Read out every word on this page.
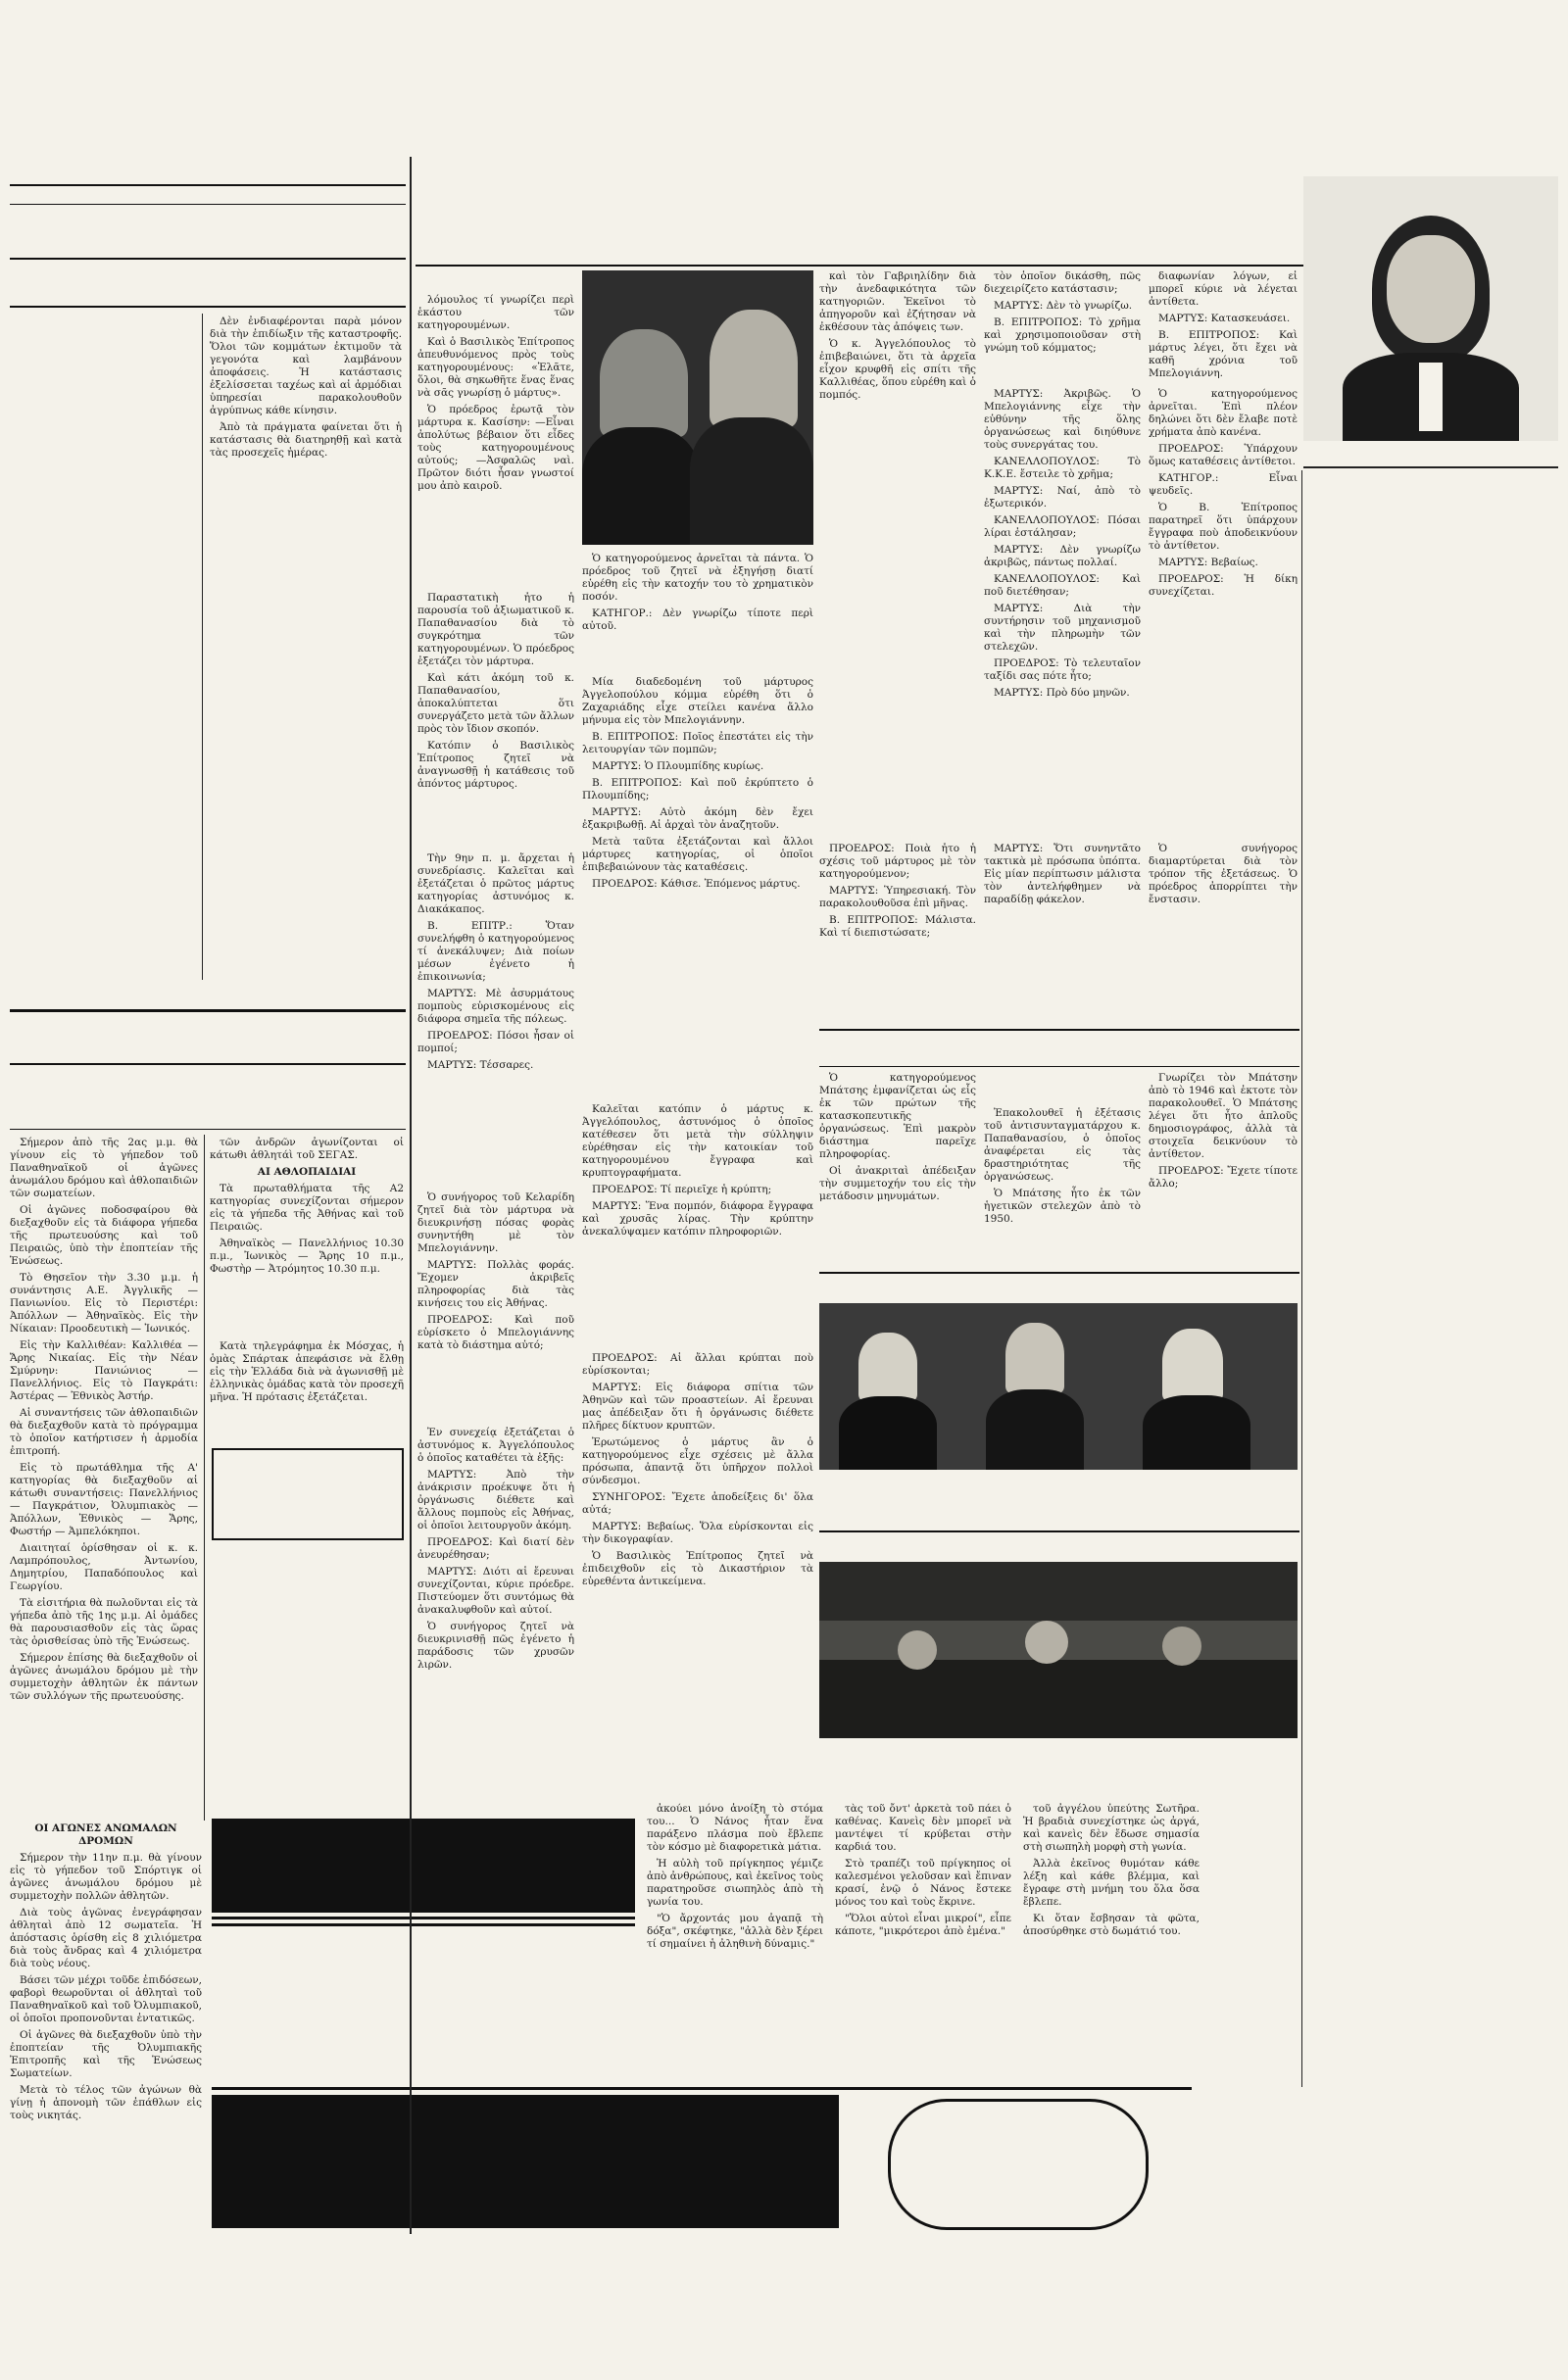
Δὲν ἐνδιαφέρονται παρὰ μόνον διὰ τὴν ἐπιδίωξιν τῆς καταστροφῆς. Ὅλοι τῶν κομμάτων ἐκτιμοῦν τὰ γεγονότα καὶ λαμβάνουν ἀποφάσεις. Ἡ κατάστασις ἐξελίσσεται ταχέως καὶ αἱ ἀρμόδιαι ὑπηρεσίαι παρακολουθοῦν ἀγρύπνως κάθε κίνησιν.

Ἀπὸ τὰ πράγματα φαίνεται ὅτι ἡ κατάστασις θὰ διατηρηθῇ καὶ κατὰ τὰς προσεχεῖς ἡμέρας.

Σήμερον ἀπὸ τῆς 2ας μ.μ. θὰ γίνουν εἰς τὸ γήπεδον τοῦ Παναθηναϊκοῦ οἱ ἀγῶνες ἀνωμάλου δρόμου καὶ ἀθλοπαιδιῶν τῶν σωματείων.

Οἱ ἀγῶνες ποδοσφαίρου θὰ διεξαχθοῦν εἰς τὰ διάφορα γήπεδα τῆς πρωτευούσης καὶ τοῦ Πειραιῶς, ὑπὸ τὴν ἐποπτείαν τῆς Ἑνώσεως.

Τὸ Θησεῖον τὴν 3.30 μ.μ. ἡ συνάντησις Α.Ε. Ἀγγλικῆς — Πανιωνίου. Εἰς τὸ Περιστέρι: Ἀπόλλων — Ἀθηναϊκὸς. Εἰς τὴν Νίκαιαν: Προοδευτικὴ — Ἰωνικός.

Εἰς τὴν Καλλιθέαν: Καλλιθέα — Ἄρης Νικαίας. Εἰς τὴν Νέαν Σμύρνην: Πανιώνιος — Πανελλήνιος. Εἰς τὸ Παγκράτι: Ἀστέρας — Ἐθνικὸς Ἀστήρ.

Αἱ συναντήσεις τῶν ἀθλοπαιδιῶν θὰ διεξαχθοῦν κατὰ τὸ πρόγραμμα τὸ ὁποῖον κατήρτισεν ἡ ἁρμοδία ἐπιτροπή.

Εἰς τὸ πρωτάθλημα τῆς Α' κατηγορίας θὰ διεξαχθοῦν αἱ κάτωθι συναντήσεις: Πανελλήνιος — Παγκράτιον, Ὀλυμπιακὸς — Ἀπόλλων, Ἐθνικὸς — Ἄρης, Φωστήρ — Ἀμπελόκηποι.

Διαιτηταί ὁρίσθησαν οἱ κ. κ. Λαμπρόπουλος, Ἀντωνίου, Δημητρίου, Παπαδόπουλος καὶ Γεωργίου.

Τὰ εἰσιτήρια θὰ πωλοῦνται εἰς τὰ γήπεδα ἀπὸ τῆς 1ης μ.μ. Αἱ ὁμάδες θὰ παρουσιασθοῦν εἰς τὰς ὥρας τὰς ὁρισθείσας ὑπὸ τῆς Ἑνώσεως.

Σήμερον ἐπίσης θὰ διεξαχθοῦν οἱ ἀγῶνες ἀνωμάλου δρόμου μὲ τὴν συμμετοχὴν ἀθλητῶν ἐκ πάντων τῶν συλλόγων τῆς πρωτευούσης.

τῶν ἀνδρῶν ἀγωνίζονται οἱ κάτωθι ἀθλητάὶ τοῦ ΣΕΓΑΣ.

ΑΙ ΑΘΛΟΠΑΙΔΙΑΙ

Τὰ πρωταθλήματα τῆς Α2 κατηγορίας συνεχίζονται σήμερον εἰς τὰ γήπεδα τῆς Ἀθήνας καὶ τοῦ Πειραιῶς.

Ἀθηναϊκὸς — Πανελλήνιος 10.30 π.μ., Ἰωνικὸς — Ἄρης 10 π.μ., Φωστὴρ — Ἀτρόμητος 10.30 π.μ.

Κατὰ τηλεγράφημα ἐκ Μόσχας, ἡ ὁμὰς Σπάρτακ ἀπεφάσισε νὰ ἔλθῃ εἰς τὴν Ἑλλάδα διὰ νὰ ἀγωνισθῇ μὲ ἑλληνικὰς ὁμάδας κατὰ τὸν προσεχῆ μῆνα. Ἡ πρότασις ἐξετάζεται.

ΟΙ ΑΓΩΝΕΣ ΑΝΩΜΑΛΩΝ ΔΡΟΜΩΝ

Σήμερον τὴν 11ην π.μ. θὰ γίνουν εἰς τὸ γήπεδον τοῦ Σπόρτιγκ οἱ ἀγῶνες ἀνωμάλου δρόμου μὲ συμμετοχὴν πολλῶν ἀθλητῶν.

Διὰ τοὺς ἀγῶνας ἐνεγράφησαν ἀθληταὶ ἀπὸ 12 σωματεῖα. Ἡ ἀπόστασις ὁρίσθη εἰς 8 χιλιόμετρα διὰ τοὺς ἄνδρας καὶ 4 χιλιόμετρα διὰ τοὺς νέους.

Βάσει τῶν μέχρι τοῦδε ἐπιδόσεων, φαβορὶ θεωροῦνται οἱ ἀθληταὶ τοῦ Παναθηναϊκοῦ καὶ τοῦ Ὀλυμπιακοῦ, οἱ ὁποῖοι προπονοῦνται ἐντατικῶς.

Οἱ ἀγῶνες θὰ διεξαχθοῦν ὑπὸ τὴν ἐποπτείαν τῆς Ὀλυμπιακῆς Ἐπιτροπῆς καὶ τῆς Ἑνώσεως Σωματείων.

Μετὰ τὸ τέλος τῶν ἀγώνων θὰ γίνῃ ἡ ἀπονομὴ τῶν ἐπάθλων εἰς τοὺς νικητάς.

ἀκούει μόνο ἀνοίξη τὸ στόμα του... Ὁ Νάνος ἦταν ἕνα παράξενο πλάσμα ποὺ ἔβλεπε τὸν κόσμο μὲ διαφορετικὰ μάτια.

Ἡ αὐλὴ τοῦ πρίγκηπος γέμιζε ἀπὸ ἀνθρώπους, καὶ ἐκεῖνος τοὺς παρατηροῦσε σιωπηλὸς ἀπὸ τὴ γωνία του.

"Ὁ ἄρχοντάς μου ἀγαπᾷ τὴ δόξα", σκέφτηκε, "ἀλλὰ δὲν ξέρει τί σημαίνει ἡ ἀληθινὴ δύναμις."

τὰς τοῦ ὄντ' ἀρκετὰ τοῦ πάει ὁ καθένας. Κανεὶς δὲν μπορεῖ νὰ μαντέψει τί κρύβεται στὴν καρδιά του.

Στὸ τραπέζι τοῦ πρίγκηπος οἱ καλεσμένοι γελοῦσαν καὶ ἔπιναν κρασί, ἐνῷ ὁ Νάνος ἔστεκε μόνος του καὶ τοὺς ἔκρινε.

"Ὅλοι αὐτοὶ εἶναι μικροί", εἶπε κάποτε, "μικρότεροι ἀπὸ ἐμένα."

τοῦ ἀγγέλου ὑπεύτης Σωτῆρα. Ἡ βραδιὰ συνεχίστηκε ὡς ἀργά, καὶ κανεὶς δὲν ἔδωσε σημασία στὴ σιωπηλὴ μορφὴ στὴ γωνία.

Ἀλλὰ ἐκεῖνος θυμόταν κάθε λέξη καὶ κάθε βλέμμα, καὶ ἔγραφε στὴ μνήμη του ὅλα ὅσα ἔβλεπε.

Κι ὅταν ἔσβησαν τὰ φῶτα, ἀποσύρθηκε στὸ δωμάτιό του.

λόμουλος τί γνωρίζει περὶ ἑκάστου τῶν κατηγορουμένων.

Καὶ ὁ Βασιλικὸς Ἐπίτροπος ἀπευθυνόμενος πρὸς τοὺς κατηγορουμένους: «Ἐλᾶτε, ὅλοι, θὰ σηκωθῆτε ἕνας ἕνας νὰ σᾶς γνωρίσῃ ὁ μάρτυς».

Ὁ πρόεδρος ἐρωτᾷ τὸν μάρτυρα κ. Κασίσην: —Εἶναι ἀπολύτως βέβαιον ὅτι εἶδες τοὺς κατηγορουμένους αὐτούς; —Ἀσφαλῶς ναὶ. Πρῶτον διότι ἦσαν γνωστοί μου ἀπὸ καιροῦ.

Παραστατικὴ ἦτο ἡ παρουσία τοῦ ἀξιωματικοῦ κ. Παπαθανασίου διὰ τὸ συγκρότημα τῶν κατηγορουμένων. Ὁ πρόεδρος ἐξετάζει τὸν μάρτυρα.

Καὶ κάτι ἀκόμη τοῦ κ. Παπαθανασίου, ἀποκαλύπτεται ὅτι συνεργάζετο μετὰ τῶν ἄλλων πρὸς τὸν ἴδιον σκοπόν.

Κατόπιν ὁ Βασιλικὸς Ἐπίτροπος ζητεῖ νὰ ἀναγνωσθῇ ἡ κατάθεσις τοῦ ἀπόντος μάρτυρος.

Τὴν 9ην π. μ. ἄρχεται ἡ συνεδρίασις. Καλεῖται καὶ ἐξετάζεται ὁ πρῶτος μάρτυς κατηγορίας ἀστυνόμος κ. Διακάκαπος.

Β. ΕΠΙΤΡ.: Ὅταν συνελήφθη ὁ κατηγορούμενος τί ἀνεκάλυψεν; Διὰ ποίων μέσων ἐγένετο ἡ ἐπικοινωνία;

ΜΑΡΤΥΣ: Μὲ ἀσυρμάτους πομποὺς εὑρισκομένους εἰς διάφορα σημεῖα τῆς πόλεως.

ΠΡΟΕΔΡΟΣ: Πόσοι ἦσαν οἱ πομποί;

ΜΑΡΤΥΣ: Τέσσαρες.

Ὁ συνήγορος τοῦ Κελαρίδη ζητεῖ διὰ τὸν μάρτυρα νὰ διευκρινήσῃ πόσας φορὰς συνηντήθη μὲ τὸν Μπελογιάννην.

ΜΑΡΤΥΣ: Πολλὰς φοράς. Ἔχομεν ἀκριβεῖς πληροφορίας διὰ τὰς κινήσεις του εἰς Ἀθήνας.

ΠΡΟΕΔΡΟΣ: Καὶ ποῦ εὑρίσκετο ὁ Μπελογιάννης κατὰ τὸ διάστημα αὐτό;

Ἐν συνεχείᾳ ἐξετάζεται ὁ ἀστυνόμος κ. Ἀγγελόπουλος ὁ ὁποῖος καταθέτει τὰ ἑξῆς:

ΜΑΡΤΥΣ: Ἀπὸ τὴν ἀνάκρισιν προέκυψε ὅτι ἡ ὀργάνωσις διέθετε καὶ ἄλλους πομποὺς εἰς Ἀθήνας, οἱ ὁποῖοι λειτουργοῦν ἀκόμη.

ΠΡΟΕΔΡΟΣ: Καὶ διατί δὲν ἀνευρέθησαν;

ΜΑΡΤΥΣ: Διότι αἱ ἔρευναι συνεχίζονται, κύριε πρόεδρε. Πιστεύομεν ὅτι συντόμως θὰ ἀνακαλυφθοῦν καὶ αὐτοί.

Ὁ συνήγορος ζητεῖ νὰ διευκρινισθῇ πῶς ἐγένετο ἡ παράδοσις τῶν χρυσῶν λιρῶν.

Ὁ κατηγορούμενος ἀρνεῖται τὰ πάντα. Ὁ πρόεδρος τοῦ ζητεῖ νὰ ἐξηγήσῃ διατί εὑρέθη εἰς τὴν κατοχήν του τὸ χρηματικὸν ποσόν.

ΚΑΤΗΓΟΡ.: Δὲν γνωρίζω τίποτε περὶ αὐτοῦ.

Μία διαδεδομένη τοῦ μάρτυρος Ἀγγελοπούλου κόμμα εὑρέθη ὅτι ὁ Ζαχαριάδης εἶχε στείλει κανένα ἄλλο μήνυμα εἰς τὸν Μπελογιάννην.

Β. ΕΠΙΤΡΟΠΟΣ: Ποῖος ἐπεστάτει εἰς τὴν λειτουργίαν τῶν πομπῶν;

ΜΑΡΤΥΣ: Ὁ Πλουμπίδης κυρίως.

Β. ΕΠΙΤΡΟΠΟΣ: Καὶ ποῦ ἐκρύπτετο ὁ Πλουμπίδης;

ΜΑΡΤΥΣ: Αὐτὸ ἀκόμη δὲν ἔχει ἐξακριβωθῇ. Αἱ ἀρχαὶ τὸν ἀναζητοῦν.

Μετὰ ταῦτα ἐξετάζονται καὶ ἄλλοι μάρτυρες κατηγορίας, οἱ ὁποῖοι ἐπιβεβαιώνουν τὰς καταθέσεις.

ΠΡΟΕΔΡΟΣ: Κάθισε. Ἐπόμενος μάρτυς.

Καλεῖται κατόπιν ὁ μάρτυς κ. Ἀγγελόπουλος, ἀστυνόμος ὁ ὁποῖος κατέθεσεν ὅτι μετὰ τὴν σύλληψιν εὑρέθησαν εἰς τὴν κατοικίαν τοῦ κατηγορουμένου ἔγγραφα καὶ κρυπτογραφήματα.

ΠΡΟΕΔΡΟΣ: Τί περιεῖχε ἡ κρύπτη;

ΜΑΡΤΥΣ: Ἕνα πομπόν, διάφορα ἔγγραφα καὶ χρυσᾶς λίρας. Τὴν κρύπτην ἀνεκαλύψαμεν κατόπιν πληροφοριῶν.

ΠΡΟΕΔΡΟΣ: Αἱ ἄλλαι κρύπται ποὺ εὑρίσκονται;

ΜΑΡΤΥΣ: Εἰς διάφορα σπίτια τῶν Ἀθηνῶν καὶ τῶν προαστείων. Αἱ ἔρευναι μας ἀπέδειξαν ὅτι ἡ ὀργάνωσις διέθετε πλῆρες δίκτυον κρυπτῶν.

Ἐρωτώμενος ὁ μάρτυς ἂν ὁ κατηγορούμενος εἶχε σχέσεις μὲ ἄλλα πρόσωπα, ἀπαντᾷ ὅτι ὑπῆρχον πολλοὶ σύνδεσμοι.

ΣΥΝΗΓΟΡΟΣ: Ἔχετε ἀποδείξεις δι' ὅλα αὐτά;

ΜΑΡΤΥΣ: Βεβαίως. Ὅλα εὑρίσκονται εἰς τὴν δικογραφίαν.

Ὁ Βασιλικὸς Ἐπίτροπος ζητεῖ νὰ ἐπιδειχθοῦν εἰς τὸ Δικαστήριον τὰ εὑρεθέντα ἀντικείμενα.

καὶ τὸν Γαβριηλίδην διὰ τὴν ἀνεδαφικότητα τῶν κατηγοριῶν. Ἐκεῖνοι τὸ ἀπηγοροῦν καὶ ἐζήτησαν νὰ ἐκθέσουν τὰς ἀπόψεις των.

Ὁ κ. Ἀγγελόπουλος τὸ ἐπιβεβαιώνει, ὅτι τὰ ἀρχεῖα εἶχον κρυφθῆ εἰς σπίτι τῆς Καλλιθέας, ὅπου εὑρέθη καὶ ὁ πομπός.

τὸν ὁποῖον δικάσθη, πῶς διεχειρίζετο κατάστασιν;

ΜΑΡΤΥΣ: Δὲν τὸ γνωρίζω.

Β. ΕΠΙΤΡΟΠΟΣ: Τὸ χρῆμα καὶ χρησιμοποιοῦσαν στὴ γνώμη τοῦ κόμματος;

διαφωνίαν λόγων, εἰ μπορεῖ κύριε νὰ λέγεται ἀντίθετα.

ΜΑΡΤΥΣ: Κατασκευάσει.

Β. ΕΠΙΤΡΟΠΟΣ: Καὶ μάρτυς λέγει, ὅτι ἔχει νὰ καθῆ χρόνια τοῦ Μπελογιάννη.

ΜΑΡΤΥΣ: Ἀκριβῶς. Ὁ Μπελογιάννης εἶχε τὴν εὐθύνην τῆς ὅλης ὀργανώσεως καὶ διηύθυνε τοὺς συνεργάτας του.

ΚΑΝΕΛΛΟΠΟΥΛΟΣ: Τὸ Κ.Κ.Ε. ἔστειλε τὸ χρῆμα;

ΜΑΡΤΥΣ: Ναί, ἀπὸ τὸ ἐξωτερικόν.

ΚΑΝΕΛΛΟΠΟΥΛΟΣ: Πόσαι λίραι ἐστάλησαν;

ΜΑΡΤΥΣ: Δὲν γνωρίζω ἀκριβῶς, πάντως πολλαί.

ΚΑΝΕΛΛΟΠΟΥΛΟΣ: Καὶ ποῦ διετέθησαν;

ΜΑΡΤΥΣ: Διὰ τὴν συντήρησιν τοῦ μηχανισμοῦ καὶ τὴν πληρωμὴν τῶν στελεχῶν.

ΠΡΟΕΔΡΟΣ: Τὸ τελευταῖον ταξίδι σας πότε ἦτο;

ΜΑΡΤΥΣ: Πρὸ δύο μηνῶν.

Ὁ κατηγορούμενος ἀρνεῖται. Ἐπὶ πλέον δηλώνει ὅτι δὲν ἔλαβε ποτὲ χρήματα ἀπὸ κανένα.

ΠΡΟΕΔΡΟΣ: Ὑπάρχουν ὅμως καταθέσεις ἀντίθετοι.

ΚΑΤΗΓΟΡ.: Εἶναι ψευδεῖς.

Ὁ Β. Ἐπίτροπος παρατηρεῖ ὅτι ὑπάρχουν ἔγγραφα ποὺ ἀποδεικνύουν τὸ ἀντίθετον.

ΜΑΡΤΥΣ: Βεβαίως.

ΠΡΟΕΔΡΟΣ: Ἡ δίκη συνεχίζεται.

ΠΡΟΕΔΡΟΣ: Ποιὰ ἦτο ἡ σχέσις τοῦ μάρτυρος μὲ τὸν κατηγορούμενον;

ΜΑΡΤΥΣ: Ὑπηρεσιακή. Τὸν παρακολουθοῦσα ἐπὶ μῆνας.

Β. ΕΠΙΤΡΟΠΟΣ: Μάλιστα. Καὶ τί διεπιστώσατε;

ΜΑΡΤΥΣ: Ὅτι συνηντᾶτο τακτικὰ μὲ πρόσωπα ὑπόπτα. Εἰς μίαν περίπτωσιν μάλιστα τὸν ἀντελήφθημεν νὰ παραδίδῃ φάκελον.

Ὁ συνήγορος διαμαρτύρεται διὰ τὸν τρόπον τῆς ἐξετάσεως. Ὁ πρόεδρος ἀπορρίπτει τὴν ἔνστασιν.

Ὁ κατηγορούμενος Μπάτσης ἐμφανίζεται ὡς εἷς ἐκ τῶν πρώτων τῆς κατασκοπευτικῆς ὀργανώσεως. Ἐπὶ μακρὸν διάστημα παρεῖχε πληροφορίας.

Οἱ ἀνακριταὶ ἀπέδειξαν τὴν συμμετοχήν του εἰς τὴν μετάδοσιν μηνυμάτων.

Ἐπακολουθεῖ ἡ ἐξέτασις τοῦ ἀντισυνταγματάρχου κ. Παπαθανασίου, ὁ ὁποῖος ἀναφέρεται εἰς τὰς δραστηριότητας τῆς ὀργανώσεως.

Ὁ Μπάτσης ἦτο ἐκ τῶν ἡγετικῶν στελεχῶν ἀπὸ τὸ 1950.

Γνωρίζει τὸν Μπάτσην ἀπὸ τὸ 1946 καὶ ἐκτοτε τὸν παρακολουθεῖ. Ὁ Μπάτσης λέγει ὅτι ἦτο ἁπλοῦς δημοσιογράφος, ἀλλὰ τὰ στοιχεῖα δεικνύουν τὸ ἀντίθετον.

ΠΡΟΕΔΡΟΣ: Ἔχετε τίποτε ἄλλο;
